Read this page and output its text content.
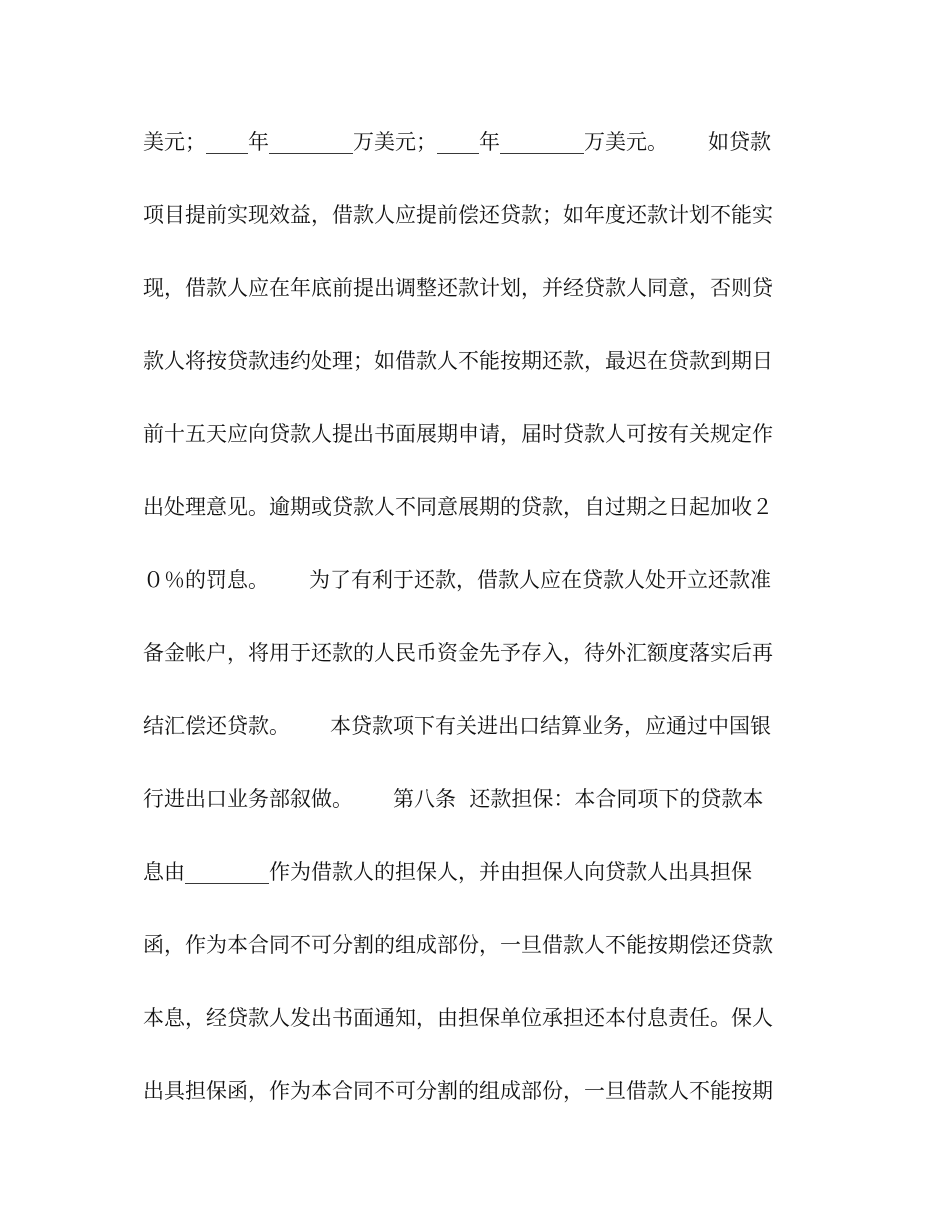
美元；____年________万美元；____年________万美元。      如贷款
项目提前实现效益，借款人应提前偿还贷款；如年度还款计划不能实
现，借款人应在年底前提出调整还款计划，并经贷款人同意，否则贷
款人将按贷款违约处理；如借款人不能按期还款，最迟在贷款到期日
前十五天应向贷款人提出书面展期申请，届时贷款人可按有关规定作
出处理意见。逾期或贷款人不同意展期的贷款，自过期之日起加收２
０％的罚息。      为了有利于还款，借款人应在贷款人处开立还款准
备金帐户，将用于还款的人民币资金先予存入，待外汇额度落实后再
结汇偿还贷款。      本贷款项下有关进出口结算业务，应通过中国银
行进出口业务部叙做。      第八条  还款担保：本合同项下的贷款本
息由________作为借款人的担保人，并由担保人向贷款人出具担保
函，作为本合同不可分割的组成部份，一旦借款人不能按期偿还贷款
本息，经贷款人发出书面通知，由担保单位承担还本付息责任。保人
出具担保函，作为本合同不可分割的组成部份，一旦借款人不能按期
